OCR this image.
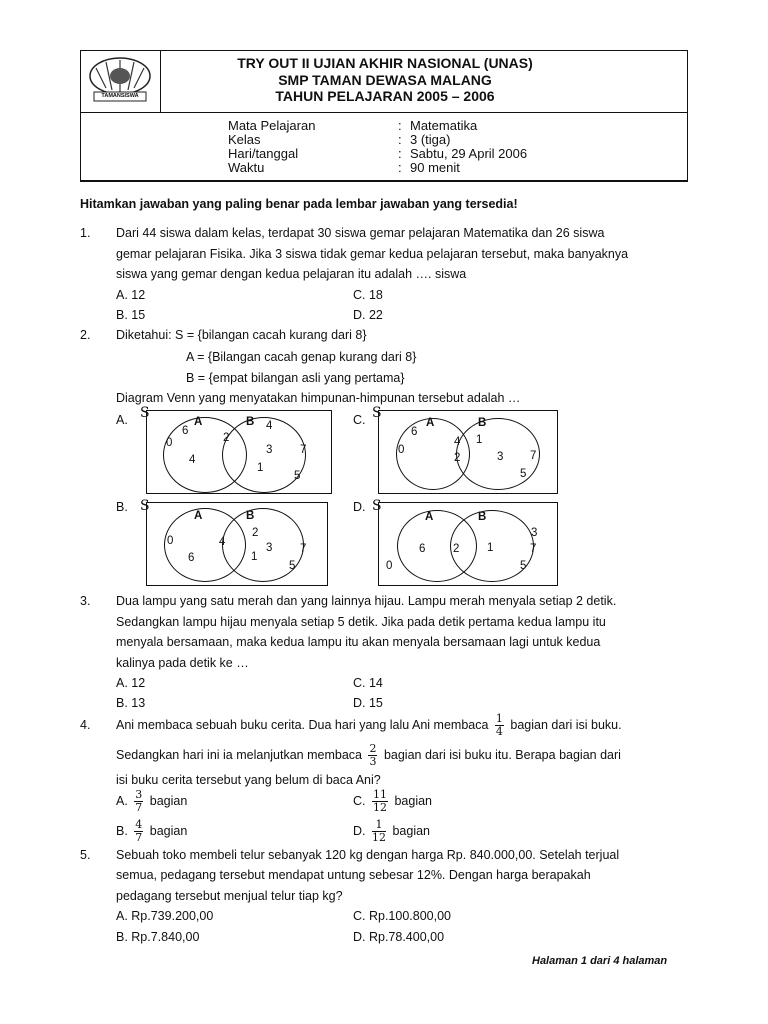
TAMANSISWA
TRY OUT II UJIAN AKHIR NASIONAL (UNAS)
SMP TAMAN DEWASA MALANG
TAHUN PELAJARAN 2005 – 2006
Mata Pelajaran	: Matematika
Kelas	: 3 (tiga)
Hari/tanggal	: Sabtu, 29 April 2006
Waktu	: 90 menit
Hitamkan jawaban yang paling benar pada lembar jawaban yang tersedia!
1. Dari 44 siswa dalam kelas, terdapat 30 siswa gemar pelajaran Matematika dan 26 siswa
gemar pelajaran Fisika. Jika 3 siswa tidak gemar kedua pelajaran tersebut, maka banyaknya
siswa yang gemar dengan kedua pelajaran itu adalah …. siswa
A. 12	C. 18
B. 15	D. 22
2. Diketahui: S = {bilangan cacah kurang dari 8}
A = {Bilangan cacah genap kurang dari 8}
B = {empat bilangan asli yang pertama}
Diagram Venn yang menyatakan himpunan-himpunan tersebut adalah …
A.	C.
B.	D.
S
A	B
6
0
4
2
4
3
1
7
5
S
A	B
6
0
4
2
1
3 7
5
S
A	B
0
6
4
2
1
3 7
5
S
A	B
6
0
2 1
3
7
5
3. Dua lampu yang satu merah dan yang lainnya hijau. Lampu merah menyala setiap 2 detik.
Sedangkan lampu hijau menyala setiap 5 detik. Jika pada detik pertama kedua lampu itu
menyala bersamaan, maka kedua lampu itu akan menyala bersamaan lagi untuk kedua
kalinya pada detik ke …
A. 12	C. 14
B. 13	D. 15
4. Ani membaca sebuah buku cerita. Dua hari yang lalu Ani membaca $\frac{1}{4}$ bagian dari isi buku.
Sedangkan hari ini ia melanjutkan membaca $\frac{2}{3}$ bagian dari isi buku itu. Berapa bagian dari
isi buku cerita tersebut yang belum di baca Ani?
A. $\frac{3}{7}$ bagian	C. $\frac{11}{12}$ bagian
B. $\frac{4}{7}$ bagian	D. $\frac{1}{12}$ bagian
5. Sebuah toko membeli telur sebanyak 120 kg dengan harga Rp. 840.000,00. Setelah terjual
semua, pedagang tersebut mendapat untung sebesar 12%. Dengan harga berapakah
pedagang tersebut menjual telur tiap kg?
A. Rp.739.200,00	C. Rp.100.800,00
B. Rp.7.840,00	D. Rp.78.400,00
Halaman 1 dari 4 halaman
